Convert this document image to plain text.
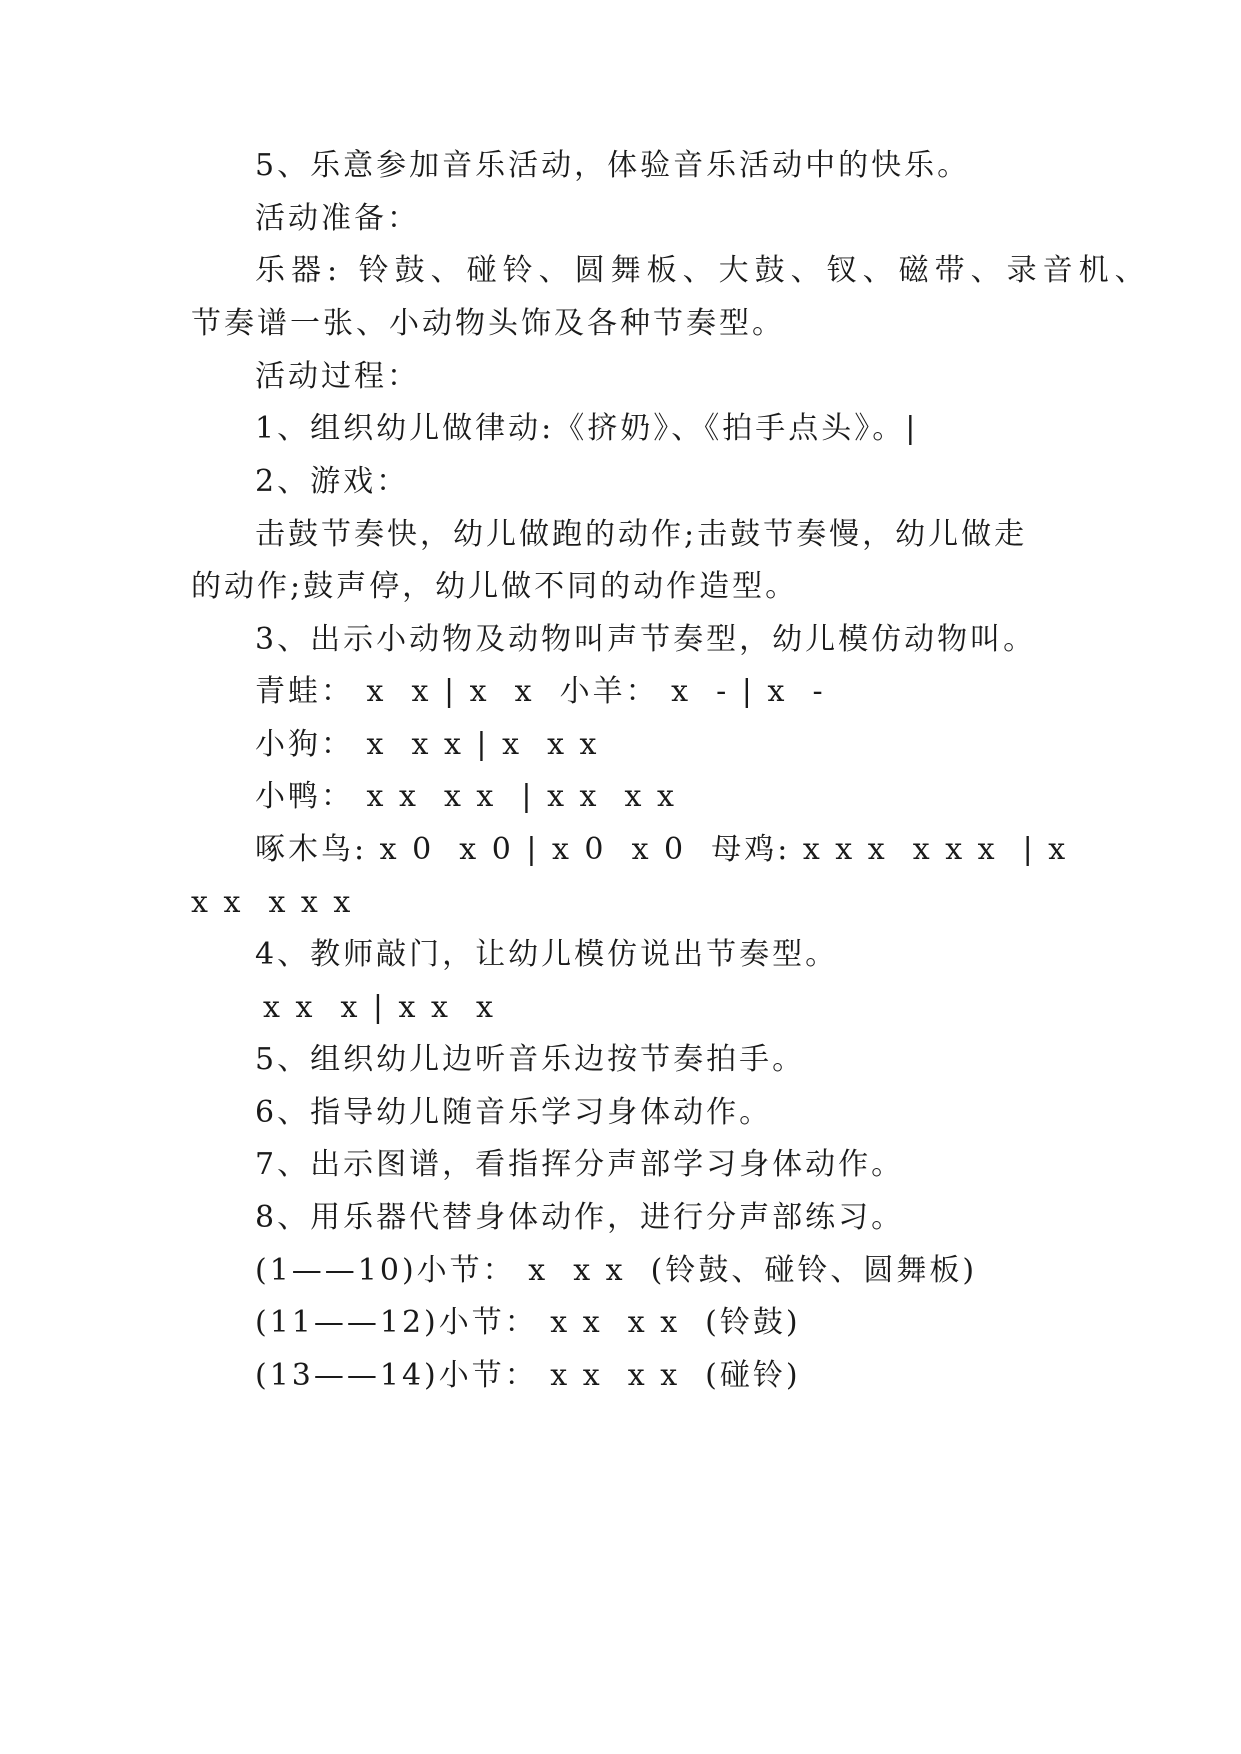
5、乐意参加音乐活动，体验音乐活动中的快乐。
活动准备：
乐器: 铃鼓、碰铃、圆舞板、大鼓、钗、磁带、录音机、
节奏谱一张、小动物头饰及各种节奏型。
活动过程：
1、组织幼儿做律动:《挤奶》、《拍手点头》。|
2、游戏：
击鼓节奏快，幼儿做跑的动作;击鼓节奏慢，幼儿做走
的动作;鼓声停，幼儿做不同的动作造型。
3、出示小动物及动物叫声节奏型，幼儿模仿动物叫。
青蛙： x  x | x  x  小羊： x  - | x  -
小狗： x  x x | x  x x
小鸭： x x  x x  | x x  x x
啄木鸟: x 0  x 0 | x 0  x 0  母鸡: x x x  x x x  | x
x x  x x x
4、教师敲门，让幼儿模仿说出节奏型。
x x  x | x x  x
5、组织幼儿边听音乐边按节奏拍手。
6、指导幼儿随音乐学习身体动作。
7、出示图谱，看指挥分声部学习身体动作。
8、用乐器代替身体动作，进行分声部练习。
(1——10)小节： x  x x  (铃鼓、碰铃、圆舞板)
(11——12)小节： x x  x x  (铃鼓)
(13——14)小节： x x  x x  (碰铃)
